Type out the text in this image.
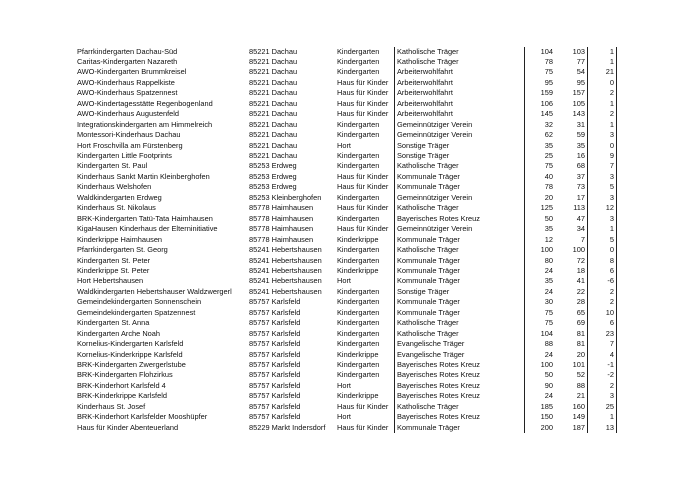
Pfarrkindergarten Dachau-Süd	85221 Dachau	Kindergarten	Katholische Träger	104	103	1
Caritas-Kindergarten Nazareth	85221 Dachau	Kindergarten	Katholische Träger	78	77	1
AWO-Kindergarten Brummkreisel	85221 Dachau	Kindergarten	Arbeiterwohlfahrt	75	54	21
AWO-Kinderhaus Rappelkiste	85221 Dachau	Haus für Kinder	Arbeiterwohlfahrt	95	95	0
AWO-Kinderhaus Spatzennest	85221 Dachau	Haus für Kinder	Arbeiterwohlfahrt	159	157	2
AWO-Kindertagesstätte Regenbogenland	85221 Dachau	Haus für Kinder	Arbeiterwohlfahrt	106	105	1
AWO-Kinderhaus Augustenfeld	85221 Dachau	Haus für Kinder	Arbeiterwohlfahrt	145	143	2
Integrationskindergarten am Himmelreich	85221 Dachau	Kindergarten	Gemeinnütziger Verein	32	31	1
Montessori-Kinderhaus Dachau	85221 Dachau	Kindergarten	Gemeinnütziger Verein	62	59	3
Hort Froschvilla am Fürstenberg	85221 Dachau	Hort	Sonstige Träger	35	35	0
Kindergarten Little Footprints	85221 Dachau	Kindergarten	Sonstige Träger	25	16	9
Kindergarten St. Paul	85253 Erdweg	Kindergarten	Katholische Träger	75	68	7
Kinderhaus Sankt Martin Kleinberghofen	85253 Erdweg	Haus für Kinder	Kommunale Träger	40	37	3
Kinderhaus Welshofen	85253 Erdweg	Haus für Kinder	Kommunale Träger	78	73	5
Waldkindergarten Erdweg	85253 Kleinberghofen	Kindergarten	Gemeinnütziger Verein	20	17	3
Kinderhaus St. Nikolaus	85778 Haimhausen	Haus für Kinder	Katholische Träger	125	113	12
BRK-Kindergarten Tatü-Tata Haimhausen	85778 Haimhausen	Kindergarten	Bayerisches Rotes Kreuz	50	47	3
KigaHausen Kinderhaus der Elterninitiative	85778 Haimhausen	Haus für Kinder	Gemeinnütziger Verein	35	34	1
Kinderkrippe Haimhausen	85778 Haimhausen	Kinderkrippe	Kommunale Träger	12	7	5
Pfarrkindergarten St. Georg	85241 Hebertshausen	Kindergarten	Katholische Träger	100	100	0
Kindergarten St. Peter	85241 Hebertshausen	Kindergarten	Kommunale Träger	80	72	8
Kinderkrippe St. Peter	85241 Hebertshausen	Kinderkrippe	Kommunale Träger	24	18	6
Hort Hebertshausen	85241 Hebertshausen	Hort	Kommunale Träger	35	41	-6
Waldkindergarten Hebertshauser Waldzwergerl	85241 Hebertshausen	Kindergarten	Sonstige Träger	24	22	2
Gemeindekindergarten Sonnenschein	85757 Karlsfeld	Kindergarten	Kommunale Träger	30	28	2
Gemeindekindergarten Spatzennest	85757 Karlsfeld	Kindergarten	Kommunale Träger	75	65	10
Kindergarten St. Anna	85757 Karlsfeld	Kindergarten	Katholische Träger	75	69	6
Kindergarten Arche Noah	85757 Karlsfeld	Kindergarten	Katholische Träger	104	81	23
Kornelius-Kindergarten Karlsfeld	85757 Karlsfeld	Kindergarten	Evangelische Träger	88	81	7
Kornelius-Kinderkrippe Karlsfeld	85757 Karlsfeld	Kinderkrippe	Evangelische Träger	24	20	4
BRK-Kindergarten Zwergerlstube	85757 Karlsfeld	Kindergarten	Bayerisches Rotes Kreuz	100	101	-1
BRK-Kindergarten Flohzirkus	85757 Karlsfeld	Kindergarten	Bayerisches Rotes Kreuz	50	52	-2
BRK-Kinderhort Karlsfeld 4	85757 Karlsfeld	Hort	Bayerisches Rotes Kreuz	90	88	2
BRK-Kinderkrippe Karlsfeld	85757 Karlsfeld	Kinderkrippe	Bayerisches Rotes Kreuz	24	21	3
Kinderhaus St. Josef	85757 Karlsfeld	Haus für Kinder	Katholische Träger	185	160	25
BRK-Kinderhort Karlsfelder Mooshüpfer	85757 Karlsfeld	Hort	Bayerisches Rotes Kreuz	150	149	1
Haus für Kinder Abenteuerland	85229 Markt Indersdorf	Haus für Kinder	Kommunale Träger	200	187	13
